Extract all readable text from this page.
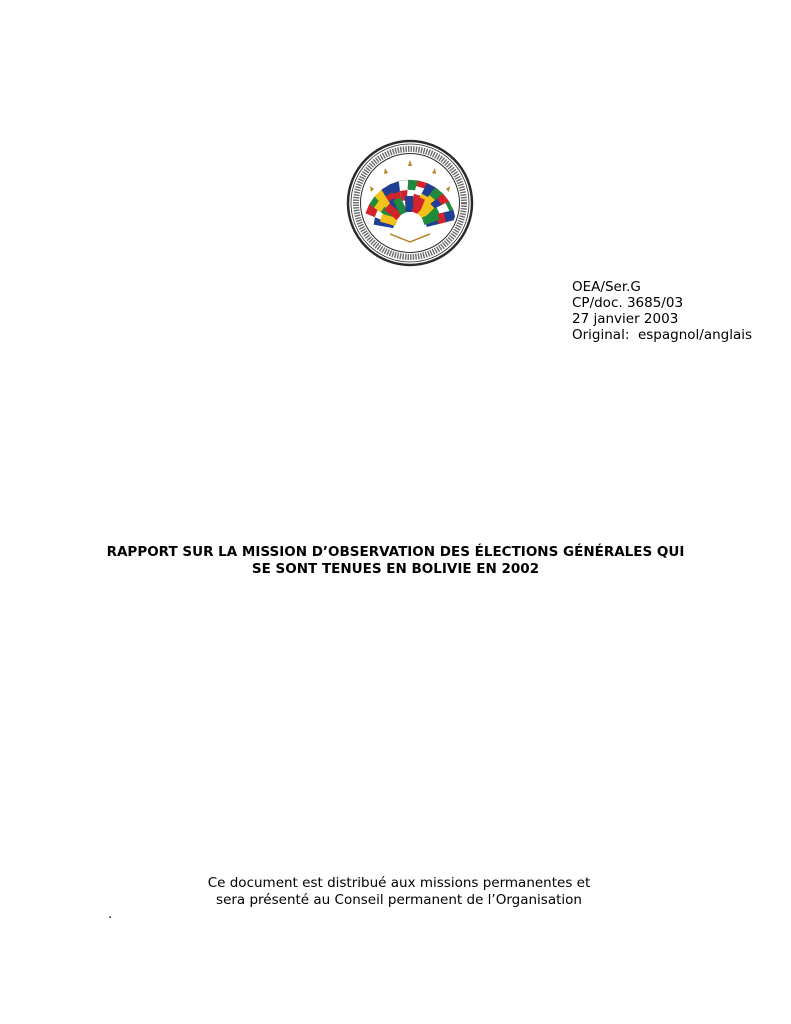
OEA/Ser.G
CP/doc. 3685/03
27 janvier 2003
Original:  espagnol/anglais
RAPPORT SUR LA MISSION D’OBSERVATION DES ÉLECTIONS GÉNÉRALES QUI
SE SONT TENUES EN BOLIVIE EN 2002
Ce document est distribué aux missions permanentes et
sera présenté au Conseil permanent de l’Organisation
.
